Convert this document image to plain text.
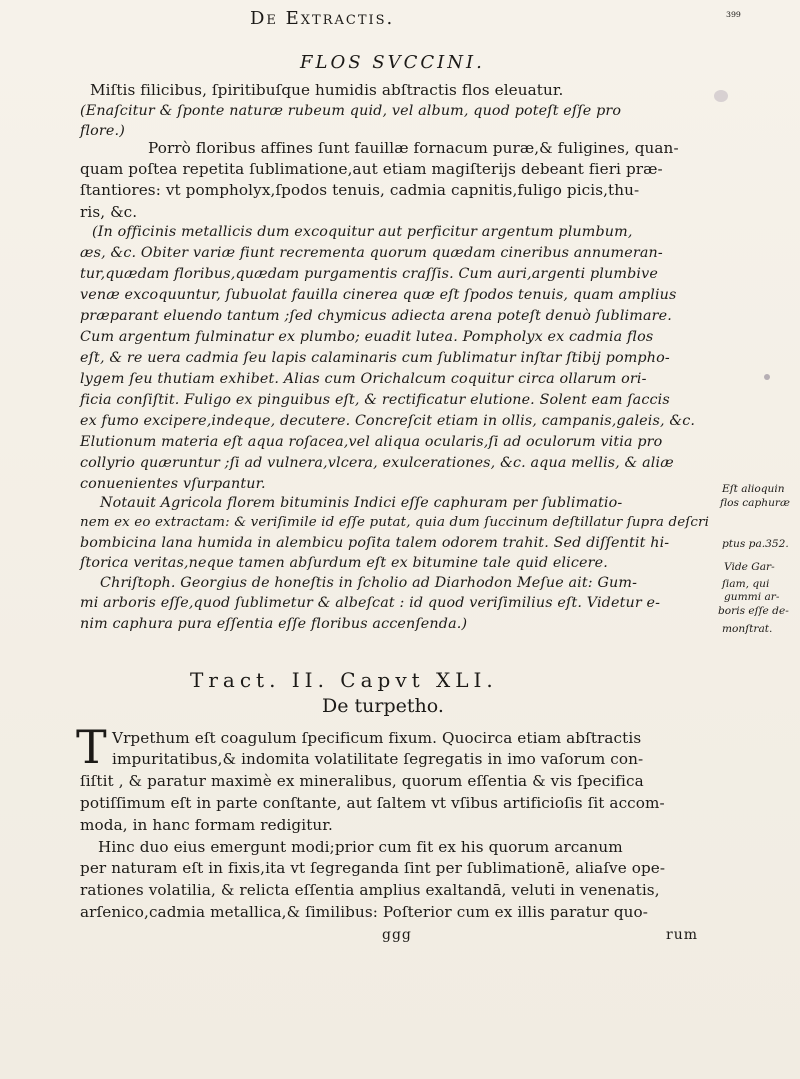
De Extractis.	399
FLOS SVCCINI.
Miſtis filicibus, ſpiritibuſque humidis abſtractis flos eleuatur.
(Enaſcitur & ſponte naturæ rubeum quid, vel album, quod poteſt eſſe pro
flore.)
Porrò floribus affines ſunt fauillæ fornacum puræ,& fuligines, quan-
quam poſtea repetita ſublimatione,aut etiam magiſterijs debeant fieri præ-
ſtantiores: vt pompholyx,ſpodos tenuis, cadmia capnitis,fuligo picis,thu-
ris, &c.
(In officinis metallicis dum excoquitur aut perficitur argentum plumbum,
æs, &c. Obiter variæ fiunt recrementa quorum quædam cineribus annumeran-
tur,quædam floribus,quædam purgamentis craſſis. Cum auri,argenti plumbive
venæ excoquuntur, ſubuolat fauilla cinerea quæ eſt ſpodos tenuis, quam amplius
præparant eluendo tantum ;ſed chymicus adiecta arena poteſt denuò ſublimare.
Cum argentum fulminatur ex plumbo; euadit lutea. Pompholyx ex cadmia flos
eſt, & re uera cadmia ſeu lapis calaminaris cum ſublimatur inſtar ſtibij pompho-
lygem ſeu thutiam exhibet. Alias cum Orichalcum coquitur circa ollarum ori-
ficia conſiſtit. Fuligo ex pinguibus eſt, & rectificatur elutione. Solent eam ſaccis
ex fumo excipere,indeque, decutere. Concreſcit etiam in ollis, campanis,galeis, &c.
Elutionum materia eſt aqua roſacea,vel aliqua ocularis,ſi ad oculorum vitia pro
collyrio quæruntur ;ſi ad vulnera,vlcera, exulcerationes, &c. aqua mellis, & aliæ
conuenientes vſurpantur.
Notauit Agricola florem bituminis Indici eſſe caphuram per ſublimatio-
nem ex eo extractam: & veriſimile id eſſe putat, quia dum ſuccinum deſtillatur ſupra deſcri
bombicina lana humida in alembicu poſita talem odorem trahit. Sed diſſentit hi-
ſtorica veritas,neque tamen abſurdum eſt ex bitumine tale quid elicere.
Chriſtoph. Georgius de honeſtis in ſcholio ad Diarhodon Meſue ait: Gum-
mi arboris eſſe,quod ſublimetur & albeſcat : id quod veriſimilius eſt. Videtur e-
nim caphura pura eſſentia eſſe floribus accenſenda.)
Eſt alioquin
flos caphuræ
ptus pa.352.
Vide Gar-
ſiam, qui
gummi ar-
boris eſſe de-
monſtrat.
Tract. II. Capvt XLI.
De turpetho.
T Vrpethum eſt coagulum ſpecificum fixum. Quocirca etiam abſtractis
impuritatibus,& indomita volatilitate ſegregatis in imo vaſorum con-
ſiſtit , & paratur maximè ex mineralibus, quorum eſſentia & vis ſpecifica
potiſſimum eſt in parte conſtante, aut ſaltem vt vſibus artificioſis ſit accom-
moda, in hanc formam redigitur.
Hinc duo eius emergunt modi;prior cum fit ex his quorum arcanum
per naturam eſt in fixis,ita vt ſegreganda ſint per ſublimationē, aliaſve ope-
rationes volatilia, & relicta eſſentia amplius exaltandā, veluti in venenatis,
arſenico,cadmia metallica,& ſimilibus: Poſterior cum ex illis paratur quo-
ggg	rum
